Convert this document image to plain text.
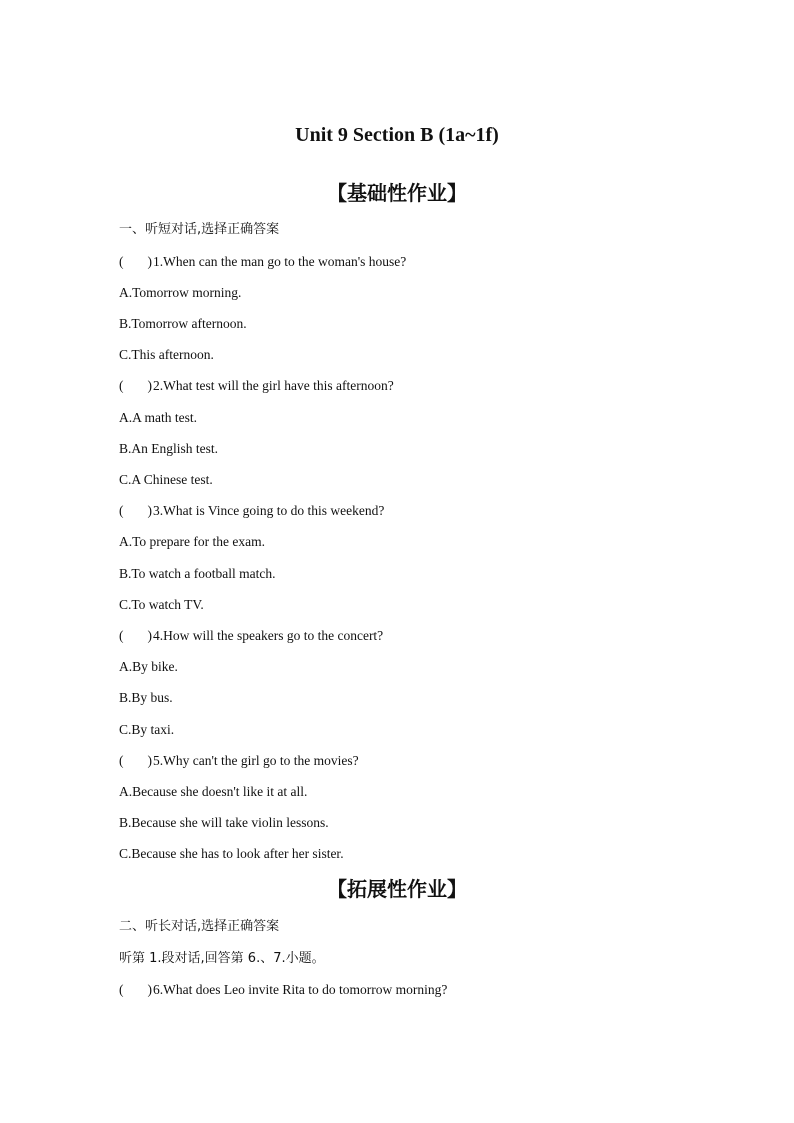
Unit 9 Section B (1a~1f)
【基础性作业】
一、听短对话,选择正确答案
( )1.When can the man go to the woman's house?
A.Tomorrow morning.
B.Tomorrow afternoon.
C.This afternoon.
( )2.What test will the girl have this afternoon?
A.A math test.
B.An English test.
C.A Chinese test.
( )3.What is Vince going to do this weekend?
A.To prepare for the exam.
B.To watch a football match.
C.To watch TV.
( )4.How will the speakers go to the concert?
A.By bike.
B.By bus.
C.By taxi.
( )5.Why can't the girl go to the movies?
A.Because she doesn't like it at all.
B.Because she will take violin lessons.
C.Because she has to look after her sister.
【拓展性作业】
二、听长对话,选择正确答案
听第 1.段对话,回答第 6.、7.小题。
( )6.What does Leo invite Rita to do tomorrow morning?
